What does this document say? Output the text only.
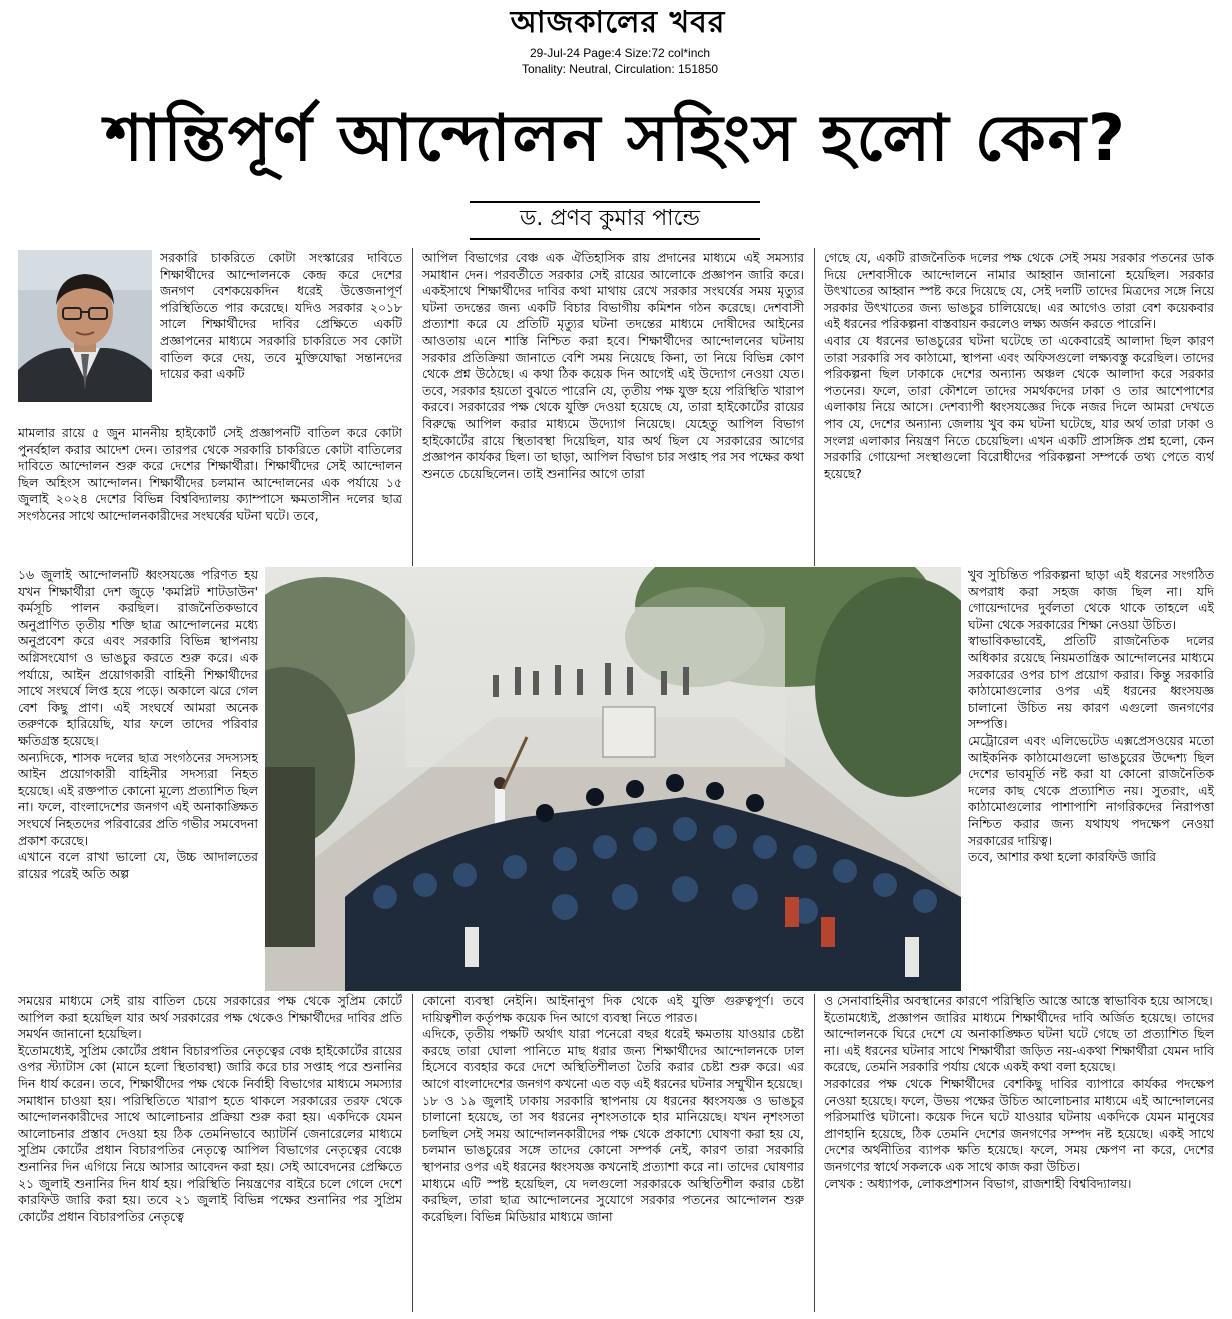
আজকালের খবর
29-Jul-24 Page:4 Size:72 col*inch
Tonality: Neutral, Circulation: 151850
শান্তিপূর্ণ আন্দোলন সহিংস হলো কেন?
ড. প্রণব কুমার পান্ডে

সরকারি চাকরিতে কোটা সংস্কারের দাবিতে শিক্ষার্থীদের আন্দোলনকে কেন্দ্র করে দেশের জনগণ বেশকয়েকদিন ধরেই উত্তেজনাপূর্ণ পরিস্থিতিতে পার করেছে। যদিও সরকার ২০১৮ সালে শিক্ষার্থীদের দাবির প্রেক্ষিতে একটি প্রজ্ঞাপনের মাধ্যমে সরকারি চাকরিতে সব কোটা বাতিল করে দেয়, তবে মুক্তিযোদ্ধা সন্তানদের দায়ের করা একটি

মামলার রায়ে ৫ জুন মাননীয় হাইকোর্ট সেই প্রজ্ঞাপনটি বাতিল করে কোটা পুনর্বহাল করার আদেশ দেন। তারপর থেকে সরকারি চাকরিতে কোটা বাতিলের দাবিতে আন্দোলন শুরু করে দেশের শিক্ষার্থীরা। শিক্ষার্থীদের সেই আন্দোলন ছিল অহিংস আন্দোলন। শিক্ষার্থীদের চলমান আন্দোলনের এক পর্যায়ে ১৫ জুলাই ২০২৪ দেশের বিভিন্ন বিশ্ববিদ্যালয় ক্যাম্পাসে ক্ষমতাসীন দলের ছাত্র সংগঠনের সাথে আন্দোলনকারীদের সংঘর্ষের ঘটনা ঘটে। তবে,

১৬ জুলাই আন্দোলনটি ধ্বংসযজ্ঞে পরিণত হয় যখন শিক্ষার্থীরা দেশ জুড়ে 'কমপ্লিট শাটডাউন' কর্মসূচি পালন করছিল। রাজনৈতিকভাবে অনুপ্রাণিত তৃতীয় শক্তি ছাত্র আন্দোলনের মধ্যে অনুপ্রবেশ করে এবং সরকারি বিভিন্ন স্থাপনায় অগ্নিসংযোগ ও ভাঙচুর করতে শুরু করে। এক পর্যায়ে, আইন প্রয়োগকারী বাহিনী শিক্ষার্থীদের সাথে সংঘর্ষে লিপ্ত হয়ে পড়ে। অকালে ঝরে গেল বেশ কিছু প্রাণ। এই সংঘর্ষে আমরা অনেক তরুণকে হারিয়েছি, যার ফলে তাদের পরিবার ক্ষতিগ্রস্ত হয়েছে।
অন্যদিকে, শাসক দলের ছাত্র সংগঠনের সদস্যসহ আইন প্রয়োগকারী বাহিনীর সদস্যরা নিহত হয়েছে। এই রক্তপাত কোনো মূল্যে প্রত্যাশিত ছিল না। ফলে, বাংলাদেশের জনগণ এই অনাকাঙ্ক্ষিত সংঘর্ষে নিহতদের পরিবারের প্রতি গভীর সমবেদনা প্রকাশ করেছে।
এখানে বলে রাখা ভালো যে, উচ্চ আদালতের রায়ের পরেই অতি অল্প

সময়ের মাধ্যমে সেই রায় বাতিল চেয়ে সরকারের পক্ষ থেকে সুপ্রিম কোর্টে আপিল করা হয়েছিল যার অর্থ সরকারের পক্ষ থেকেও শিক্ষার্থীদের দাবির প্রতি সমর্থন জানানো হয়েছিল।
ইতোমধ্যেই, সুপ্রিম কোর্টের প্রধান বিচারপতির নেতৃত্বের বেঞ্চ হাইকোর্টের রায়ের ওপর স্ট্যাটাস কো (মানে হলো স্থিতাবস্থা) জারি করে চার সপ্তাহ পরে শুনানির দিন ধার্য করেন। তবে, শিক্ষার্থীদের পক্ষ থেকে নির্বাহী বিভাগের মাধ্যমে সমস্যার সমাধান চাওয়া হয়। পরিস্থিতিতে খারাপ হতে থাকলে সরকারের তরফ থেকে আন্দোলনকারীদের সাথে আলোচনার প্রক্রিয়া শুরু করা হয়। একদিকে যেমন আলোচনার প্রস্তাব দেওয়া হয় ঠিক তেমনিভাবে অ্যাটর্নি জেনারেলের মাধ্যমে সুপ্রিম কোর্টের প্রধান বিচারপতির নেতৃত্বে আপিল বিভাগের নেতৃত্বের বেঞ্চে শুনানির দিন এগিয়ে নিয়ে আসার আবেদন করা হয়। সেই আবেদনের প্রেক্ষিতে ২১ জুলাই শুনানির দিন ধার্য হয়। পরিস্থিতি নিয়ন্ত্রণের বাইরে চলে গেলে দেশে কারফিউ জারি করা হয়। তবে ২১ জুলাই বিভিন্ন পক্ষের শুনানির পর সুপ্রিম কোর্টের প্রধান বিচারপতির নেতৃত্বে

আপিল বিভাগের বেঞ্চ এক ঐতিহাসিক রায় প্রদানের মাধ্যমে এই সমস্যার সমাধান দেন। পরবর্তীতে সরকার সেই রায়ের আলোকে প্রজ্ঞাপন জারি করে। একইসাথে শিক্ষার্থীদের দাবির কথা মাথায় রেখে সরকার সংঘর্ষের সময় মৃত্যুর ঘটনা তদন্তের জন্য একটি বিচার বিভাগীয় কমিশন গঠন করেছে। দেশবাসী প্রত্যাশা করে যে প্রতিটি মৃত্যুর ঘটনা তদন্তের মাধ্যমে দোষীদের আইনের আওতায় এনে শাস্তি নিশ্চিত করা হবে। শিক্ষার্থীদের আন্দোলনের ঘটনায় সরকার প্রতিক্রিয়া জানাতে বেশি সময় নিয়েছে কিনা, তা নিয়ে বিভিন্ন কোণ থেকে প্রশ্ন উঠেছে। এ কথা ঠিক কয়েক দিন আগেই এই উদ্যোগ নেওয়া যেত। তবে, সরকার হয়তো বুঝতে পারেনি যে, তৃতীয় পক্ষ যুক্ত হয়ে পরিস্থিতি খারাপ করবে। সরকারের পক্ষ থেকে যুক্তি দেওয়া হয়েছে যে, তারা হাইকোর্টের রায়ের বিরুদ্ধে আপিল করার মাধ্যমে উদ্যোগ নিয়েছে। যেহেতু আপিল বিভাগ হাইকোর্টের রায়ে স্থিতাবস্থা দিয়েছিল, যার অর্থ ছিল যে সরকারের আগের প্রজ্ঞাপন কার্যকর ছিল। তা ছাড়া, আপিল বিভাগ চার সপ্তাহ পর সব পক্ষের কথা শুনতে চেয়েছিলেন। তাই শুনানির আগে তারা

কোনো ব্যবস্থা নেইনি। আইনানুগ দিক থেকে এই যুক্তি গুরুত্বপূর্ণ। তবে দায়িত্বশীল কর্তৃপক্ষ কয়েক দিন আগে ব্যবস্থা নিতে পারত।
এদিকে, তৃতীয় পক্ষটি অর্থাৎ যারা পনেরো বছর ধরেই ক্ষমতায় যাওয়ার চেষ্টা করছে তারা ঘোলা পানিতে মাছ ধরার জন্য শিক্ষার্থীদের আন্দোলনকে ঢাল হিসেবে ব্যবহার করে দেশে অস্থিতিশীলতা তৈরি করার চেষ্টা শুরু করে। এর আগে বাংলাদেশের জনগণ কখনো এত বড় এই ধরনের ঘটনার সম্মুখীন হয়েছে।
১৮ ও ১৯ জুলাই ঢাকায় সরকারি স্থাপনায় যে ধরনের ধ্বংসযজ্ঞ ও ভাঙচুর চালানো হয়েছে, তা সব ধরনের নৃশংসতাকে হার মানিয়েছে। যখন নৃশংসতা চলছিল সেই সময় আন্দোলনকারীদের পক্ষ থেকে প্রকাশ্যে ঘোষণা করা হয় যে, চলমান ভাঙচুরের সঙ্গে তাদের কোনো সম্পর্ক নেই, কারণ তারা সরকারি স্থাপনার ওপর এই ধরনের ধ্বংসযজ্ঞ কখনোই প্রত্যাশা করে না। তাদের ঘোষণার মাধ্যমে এটি স্পষ্ট হয়েছিল, যে দলগুলো সরকারকে অস্থিতিশীল করার চেষ্টা করছিল, তারা ছাত্র আন্দোলনের সুযোগে সরকার পতনের আন্দোলন শুরু করেছিল। বিভিন্ন মিডিয়ার মাধ্যমে জানা

গেছে যে, একটি রাজনৈতিক দলের পক্ষ থেকে সেই সময় সরকার পতনের ডাক দিয়ে দেশবাসীকে আন্দোলনে নামার আহ্বান জানানো হয়েছিল। সরকার উৎখাতের আহ্বান স্পষ্ট করে দিয়েছে যে, সেই দলটি তাদের মিত্রদের সঙ্গে নিয়ে সরকার উৎখাতের জন্য ভাঙচুর চালিয়েছে। এর আগেও তারা বেশ কয়েকবার এই ধরনের পরিকল্পনা বাস্তবায়ন করলেও লক্ষ্য অর্জন করতে পারেনি।
এবার যে ধরনের ভাঙচুরের ঘটনা ঘটেছে তা একেবারেই আলাদা ছিল কারণ তারা সরকারি সব কাঠামো, স্থাপনা এবং অফিসগুলো লক্ষ্যবস্তু করেছিল। তাদের পরিকল্পনা ছিল ঢাকাকে দেশের অন্যান্য অঞ্চল থেকে আলাদা করে সরকার পতনের। ফলে, তারা কৌশলে তাদের সমর্থকদের ঢাকা ও তার আশেপাশের এলাকায় নিয়ে আসে। দেশব্যাপী ধ্বংসযজ্ঞের দিকে নজর দিলে আমরা দেখতে পাব যে, দেশের অন্যান্য জেলায় খুব কম ঘটনা ঘটেছে, যার অর্থ তারা ঢাকা ও সংলগ্ন এলাকার নিয়ন্ত্রণ নিতে চেয়েছিল। এখন একটি প্রাসঙ্গিক প্রশ্ন হলো, কেন সরকারি গোয়েন্দা সংস্থাগুলো বিরোধীদের পরিকল্পনা সম্পর্কে তথ্য পেতে ব্যর্থ হয়েছে?

খুব সুচিন্তিত পরিকল্পনা ছাড়া এই ধরনের সংগঠিত অপরাধ করা সহজ কাজ ছিল না। যদি গোয়েন্দাদের দুর্বলতা থেকে থাকে তাহলে এই ঘটনা থেকে সরকারের শিক্ষা নেওয়া উচিত।
স্বাভাবিকভাবেই, প্রতিটি রাজনৈতিক দলের অধিকার রয়েছে নিয়মতান্ত্রিক আন্দোলনের মাধ্যমে সরকারের ওপর চাপ প্রয়োগ করার। কিন্তু সরকারি কাঠামোগুলোর ওপর এই ধরনের ধ্বংসযজ্ঞ চালানো উচিত নয় কারণ এগুলো জনগণের সম্পত্তি।
মেট্রোরেল এবং এলিভেটেড এক্সপ্রেসওয়ের মতো আইকনিক কাঠামোগুলো ভাঙচুরের উদ্দেশ্য ছিল দেশের ভাবমূর্তি নষ্ট করা যা কোনো রাজনৈতিক দলের কাছ থেকে প্রত্যাশিত নয়। সুতরাং, এই কাঠামোগুলোর পাশাপাশি নাগরিকদের নিরাপত্তা নিশ্চিত করার জন্য যথাযথ পদক্ষেপ নেওয়া সরকারের দায়িত্ব।
তবে, আশার কথা হলো কারফিউ জারি

ও সেনাবাহিনীর অবস্থানের কারণে পরিস্থিতি আস্তে আস্তে স্বাভাবিক হয়ে আসছে।
ইতোমধ্যেই, প্রজ্ঞাপন জারির মাধ্যমে শিক্ষার্থীদের দাবি অর্জিত হয়েছে। তাদের আন্দোলনকে ঘিরে দেশে যে অনাকাঙ্ক্ষিত ঘটনা ঘটে গেছে তা প্রত্যাশিত ছিল না। এই ধরনের ঘটনার সাথে শিক্ষার্থীরা জড়িত নয়-একথা শিক্ষার্থীরা যেমন দাবি করেছে, তেমনি সরকারি পর্যায় থেকে একই কথা বলা হয়েছে।
সরকারের পক্ষ থেকে শিক্ষার্থীদের বেশকিছু দাবির ব্যাপারে কার্যকর পদক্ষেপ নেওয়া হয়েছে। ফলে, উভয় পক্ষের উচিত আলোচনার মাধ্যমে এই আন্দোলনের পরিসমাপ্তি ঘটানো। কয়েক দিনে ঘটে যাওয়ার ঘটনায় একদিকে যেমন মানুষের প্রাণহানি হয়েছে, ঠিক তেমনি দেশের জনগণের সম্পদ নষ্ট হয়েছে। একই সাথে দেশের অর্থনীতির ব্যাপক ক্ষতি হয়েছে। ফলে, সময় ক্ষেপণ না করে, দেশের জনগণের স্বার্থে সকলকে এক সাথে কাজ করা উচিত।
লেখক : অধ্যাপক, লোকপ্রশাসন বিভাগ, রাজশাহী বিশ্ববিদ্যালয়।
